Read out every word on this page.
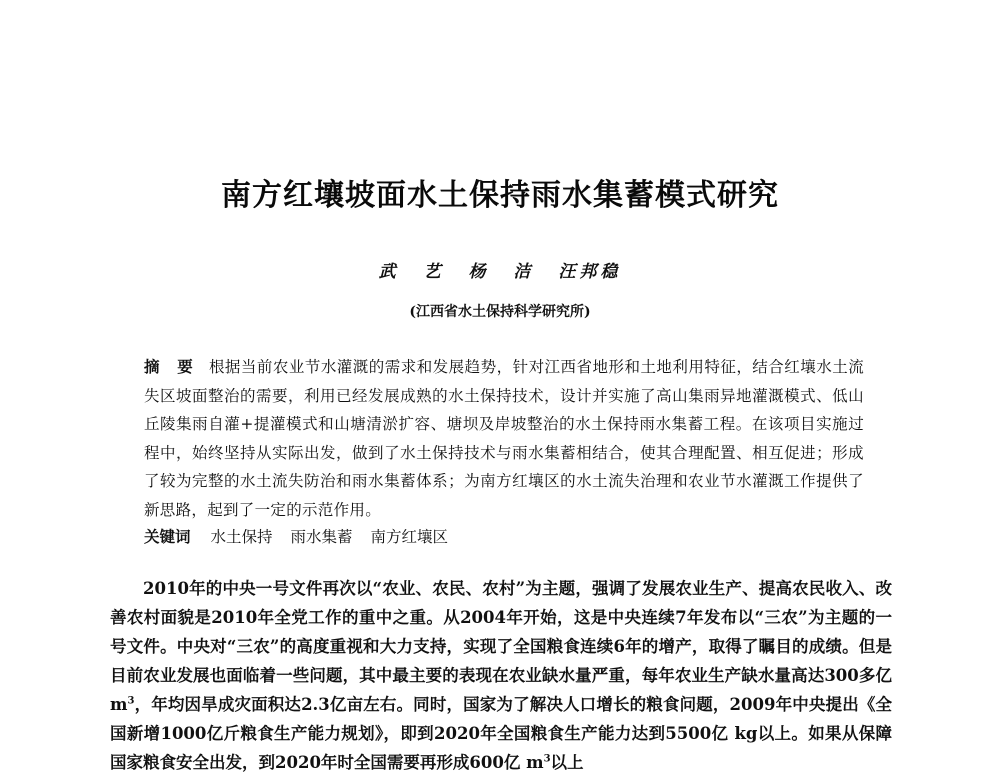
南方红壤坡面水土保持雨水集蓄模式研究
武 艺 杨 洁 汪邦稳
(江西省水土保持科学研究所)

摘 要 根据当前农业节水灌溉的需求和发展趋势，针对江西省地形和土地利用特征，结合红壤水土流失区坡面整治的需要，利用已经发展成熟的水土保持技术，设计并实施了高山集雨异地灌溉模式、低山丘陵集雨自灌+提灌模式和山塘清淤扩容、塘坝及岸坡整治的水土保持雨水集蓄工程。在该项目实施过程中，始终坚持从实际出发，做到了水土保持技术与雨水集蓄相结合，使其合理配置、相互促进；形成了较为完整的水土流失防治和雨水集蓄体系；为南方红壤区的水土流失治理和农业节水灌溉工作提供了新思路，起到了一定的示范作用。

关键词 水土保持 雨水集蓄 南方红壤区

2010年的中央一号文件再次以“农业、农民、农村”为主题，强调了发展农业生产、提高农民收入、改善农村面貌是2010年全党工作的重中之重。从2004年开始，这是中央连续7年发布以“三农”为主题的一号文件。中央对“三农”的高度重视和大力支持，实现了全国粮食连续6年的增产，取得了瞩目的成绩。但是目前农业发展也面临着一些问题，其中最主要的表现在农业缺水量严重，每年农业生产缺水量高达300多亿 $m^3$，年均因旱成灾面积达2.3亿亩左右。同时，国家为了解决人口增长的粮食问题，2009年中央提出《全国新增1000亿斤粮食生产能力规划》，即到2020年全国粮食生产能力达到5500亿 kg以上。如果从保障国家粮食安全出发，到2020年时全国需要再形成600亿 $m^3$以上
